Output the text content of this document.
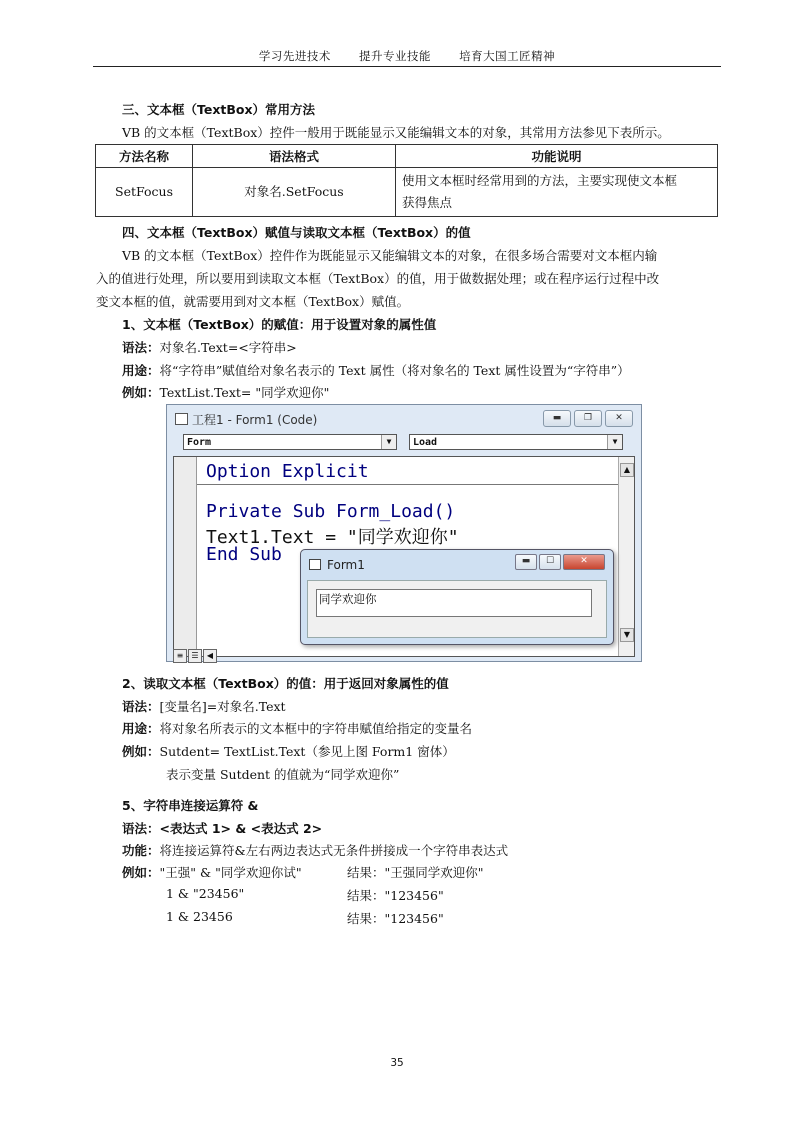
学习先进技术 提升专业技能 培育大国工匠精神
三、文本框（TextBox）常用方法
VB 的文本框（TextBox）控件一般用于既能显示又能编辑文本的对象，其常用方法参见下表所示。
方法名称	语法格式	功能说明
SetFocus	对象名.SetFocus	使用文本框时经常用到的方法，主要实现使文本框
获得焦点
四、文本框（TextBox）赋值与读取文本框（TextBox）的值
VB 的文本框（TextBox）控件作为既能显示又能编辑文本的对象，在很多场合需要对文本框内输
入的值进行处理，所以要用到读取文本框（TextBox）的值，用于做数据处理；或在程序运行过程中改
变文本框的值，就需要用到对文本框（TextBox）赋值。
1、文本框（TextBox）的赋值：用于设置对象的属性值
语法：对象名.Text=<字符串>
用途：将“字符串”赋值给对象名表示的 Text 属性（将对象名的 Text 属性设置为“字符串”）
例如：TextList.Text= "同学欢迎你"
工程1 - Form1 (Code)	▬	❐	✕
Form	▼	Load	▼
Option Explicit
Private Sub Form_Load()
Text1.Text = "同学欢迎你"
End Sub
▲
▼
≡ ☰ ◀
Form1	▬	☐	✕
同学欢迎你
2、读取文本框（TextBox）的值：用于返回对象属性的值
语法：[变量名]=对象名.Text
用途：将对象名所表示的文本框中的字符串赋值给指定的变量名
例如：Sutdent= TextList.Text（参见上图 Form1 窗体）
表示变量 Sutdent 的值就为“同学欢迎你”
5、字符串连接运算符 &
语法：<表达式 1> & <表达式 2>
功能：将连接运算符&左右两边表达式无条件拼接成一个字符串表达式
例如："王强" & "同学欢迎你试"	结果："王强同学欢迎你"
1 & "23456"	结果："123456"
1 & 23456	结果："123456"
35
